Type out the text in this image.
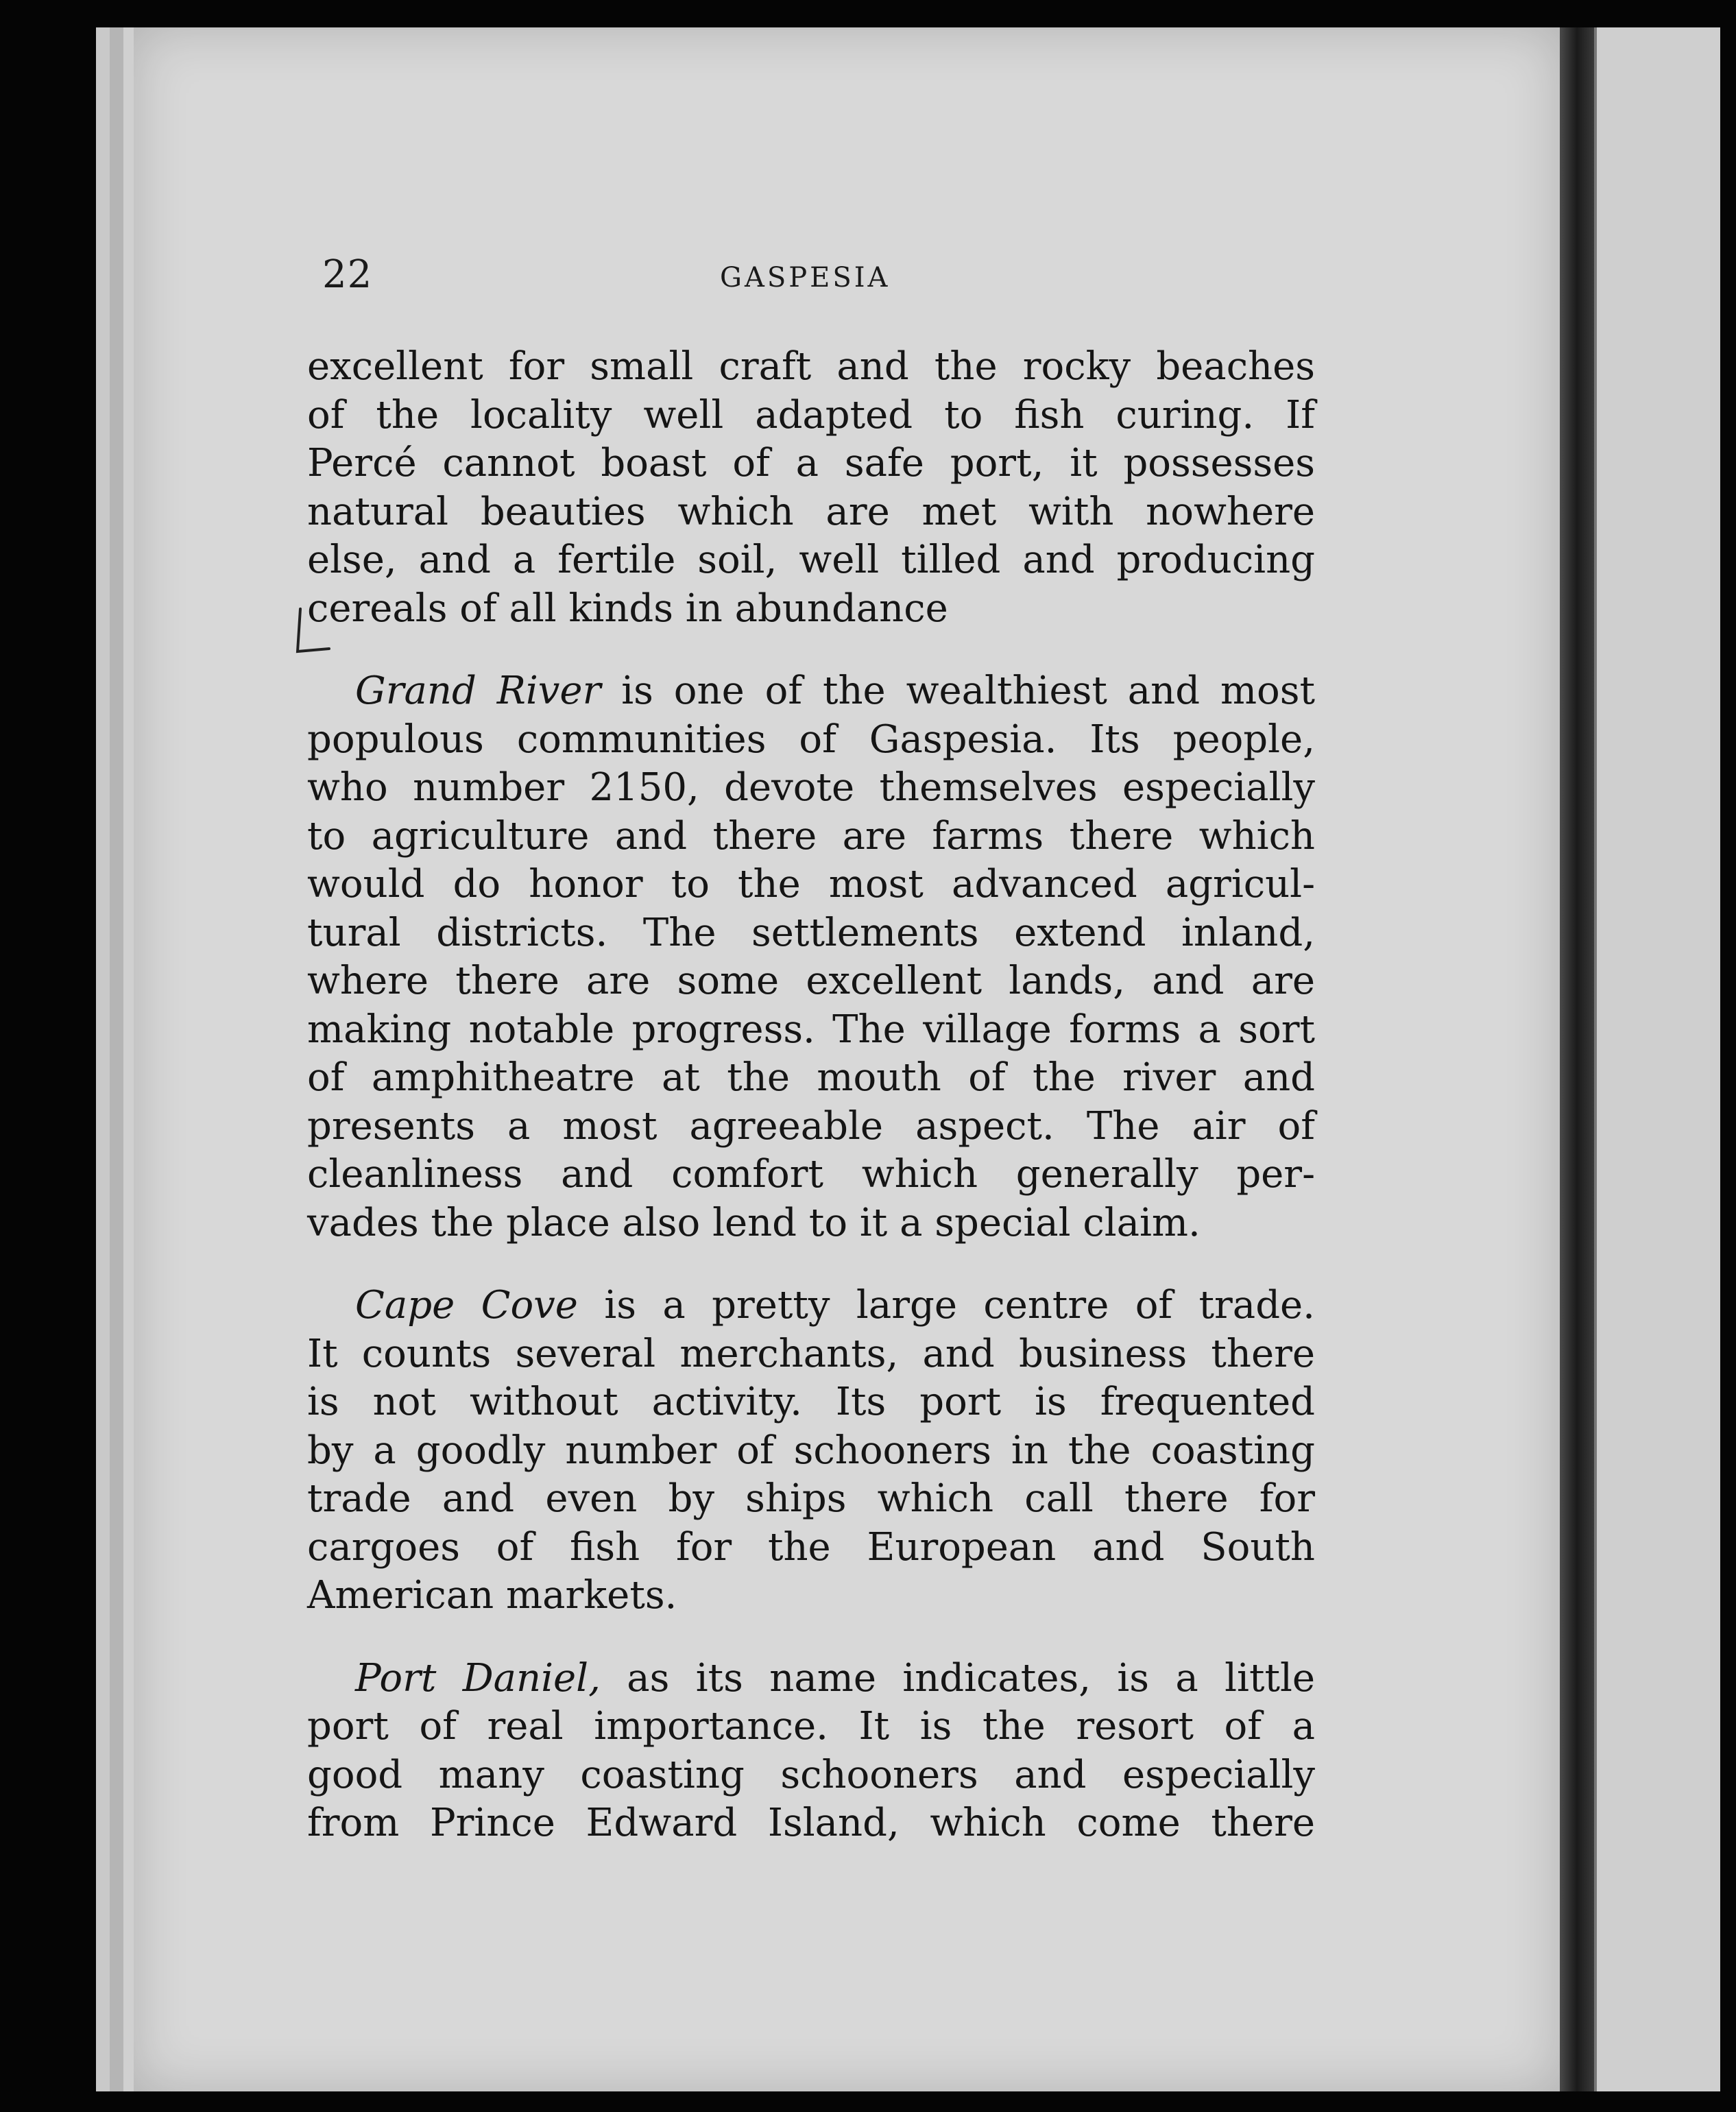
22	GASPESIA

excellent for small craft and the rocky beaches
of the locality well adapted to fish curing. If
Percé cannot boast of a safe port, it possesses
natural beauties which are met with nowhere
else, and a fertile soil, well tilled and producing
cereals of all kinds in abundance

Grand River is one of the wealthiest and most
populous communities of Gaspesia. Its people,
who number 2150, devote themselves especially
to agriculture and there are farms there which
would do honor to the most advanced agricul-
tural districts. The settlements extend inland,
where there are some excellent lands, and are
making notable progress. The village forms a sort
of amphitheatre at the mouth of the river and
presents a most agreeable aspect. The air of
cleanliness and comfort which generally per-
vades the place also lend to it a special claim.

Cape Cove is a pretty large centre of trade.
It counts several merchants, and business there
is not without activity. Its port is frequented
by a goodly number of schooners in the coasting
trade and even by ships which call there for
cargoes of fish for the European and South
American markets.

Port Daniel, as its name indicates, is a little
port of real importance. It is the resort of a
good many coasting schooners and especially
from Prince Edward Island, which come there
